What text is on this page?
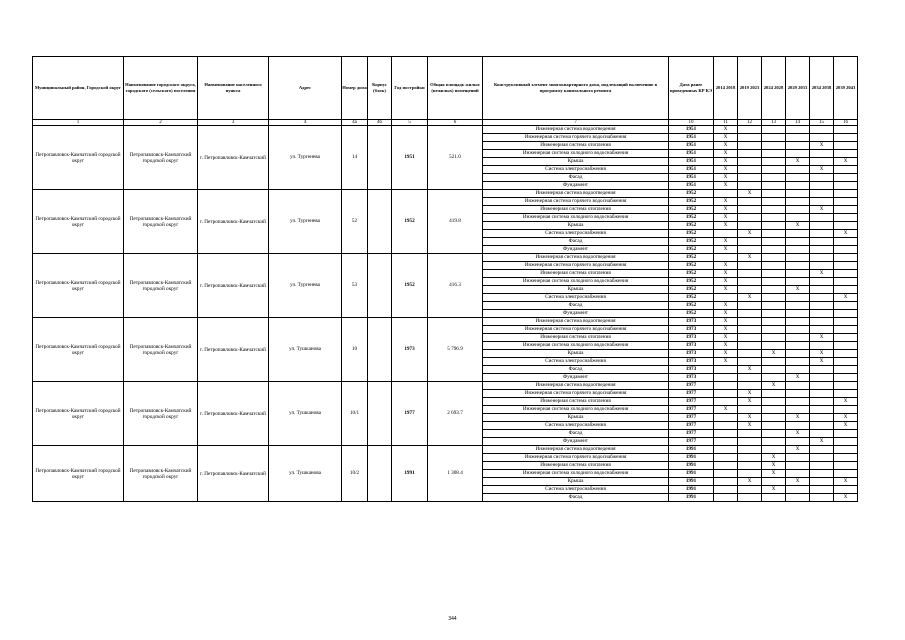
Муниципальный район, Городской округ	Наименование городского округа, городского (сельского) поселения	Наименование населенного пункта	Адрес	Номер дома	Корпус (блок)	Год постройки	Общая площадь жилых (нежилых) помещений	Конструктивный элемент многоквартирного дома, подлежащий включению в программу капитального ремонта	Дата ранее проведенных КР КЭ	2014 2018	2019 2023	2024 2028	2029 2033	2034 2038	2039 2043
1	2	3	4	4а	4б	5	6	7	10	11	12	13	14	15	16
Петропавловск-Камчатский городской округ	Петропавловск-Камчатский городской округ	г. Петропавловск-Камчатский	ул. Тургенева	14		1951	521.0	Инженерная система водоотведения	1951	X					
								Инженерная система горячего водоснабжения	1951	X					
								Инженерная система отопления	1951	X				X	
								Инженерная система холодного водоснабжения	1951	X					
								Крыша	1951	X			X		X
								Система электроснабжения	1951	X				X	
								Фасад	1951	X					
								Фундамент	1951	X					
Петропавловск-Камчатский городской округ	Петропавловск-Камчатский городской округ	г. Петропавловск-Камчатский	ул. Тургенева	52		1952	419.8	Инженерная система водоотведения	1952		X				
								Инженерная система горячего водоснабжения	1952	X					
								Инженерная система отопления	1952	X				X	
								Инженерная система холодного водоснабжения	1952	X					
								Крыша	1952	X			X		
								Система электроснабжения	1952		X				X
								Фасад	1952	X					
								Фундамент	1952	X					
Петропавловск-Камчатский городской округ	Петропавловск-Камчатский городской округ	г. Петропавловск-Камчатский	ул. Тургенева	53		1952	416.3	Инженерная система водоотведения	1952		X				
								Инженерная система горячего водоснабжения	1952	X					
								Инженерная система отопления	1952	X				X	
								Инженерная система холодного водоснабжения	1952	X					
								Крыша	1952	X			X		
								Система электроснабжения	1952		X				X
								Фасад	1952	X					
								Фундамент	1952	X					
Петропавловск-Камчатский городской округ	Петропавловск-Камчатский городской округ	г. Петропавловск-Камчатский	ул. Тушканова	10		1973	5 796.9	Инженерная система водоотведения	1973	X					
								Инженерная система горячего водоснабжения	1973	X					
								Инженерная система отопления	1973	X				X	
								Инженерная система холодного водоснабжения	1973	X					
								Крыша	1973	X		X		X	
								Система электроснабжения	1973	X				X	
								Фасад	1973		X				
								Фундамент	1973				X		
Петропавловск-Камчатский городской округ	Петропавловск-Камчатский городской округ	г. Петропавловск-Камчатский	ул. Тушканова	10/1		1977	2 693.7	Инженерная система водоотведения	1977			X			
								Инженерная система горячего водоснабжения	1977		X				
								Инженерная система отопления	1977		X				X
								Инженерная система холодного водоснабжения	1977	X					
								Крыша	1977		X		X		X
								Система электроснабжения	1977		X				X
								Фасад	1977				X		
								Фундамент	1977					X	
Петропавловск-Камчатский городской округ	Петропавловск-Камчатский городской округ	г. Петропавловск-Камчатский	ул. Тушканова	10/2		1991	1 308.4	Инженерная система водоотведения	1991				X		
								Инженерная система горячего водоснабжения	1991			X			
								Инженерная система отопления	1991			X			
								Инженерная система холодного водоснабжения	1991			X			
								Крыша	1991		X		X		X
								Система электроснабжения	1991			X			
								Фасад	1991						X
344
